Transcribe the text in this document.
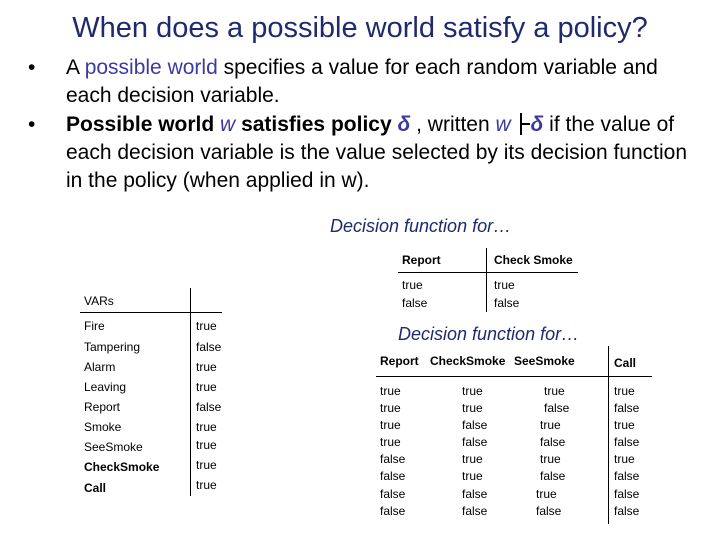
When does a possible world satisfy a policy?
• A possible world specifies a value for each random variable and each decision variable.
• Possible world w satisfies policy δ , written w δ if the value of each decision variable is the value selected by its decision function in the policy (when applied in w).
Decision function for…
Decision function for…
VARs
Fire	true
Tampering	false
Alarm	true
Leaving	true
Report	false
Smoke	true
SeeSmoke	true
CheckSmoke	true
Call	true
Report	Check Smoke
true	true
false	false
Report CheckSmoke SeeSmoke	Call
true	true	true	true
true	true	false	false
true	false	true	true
true	false	false	false
false	true	true	true
false	true	false	false
false	false	true	false
false	false	false	false
